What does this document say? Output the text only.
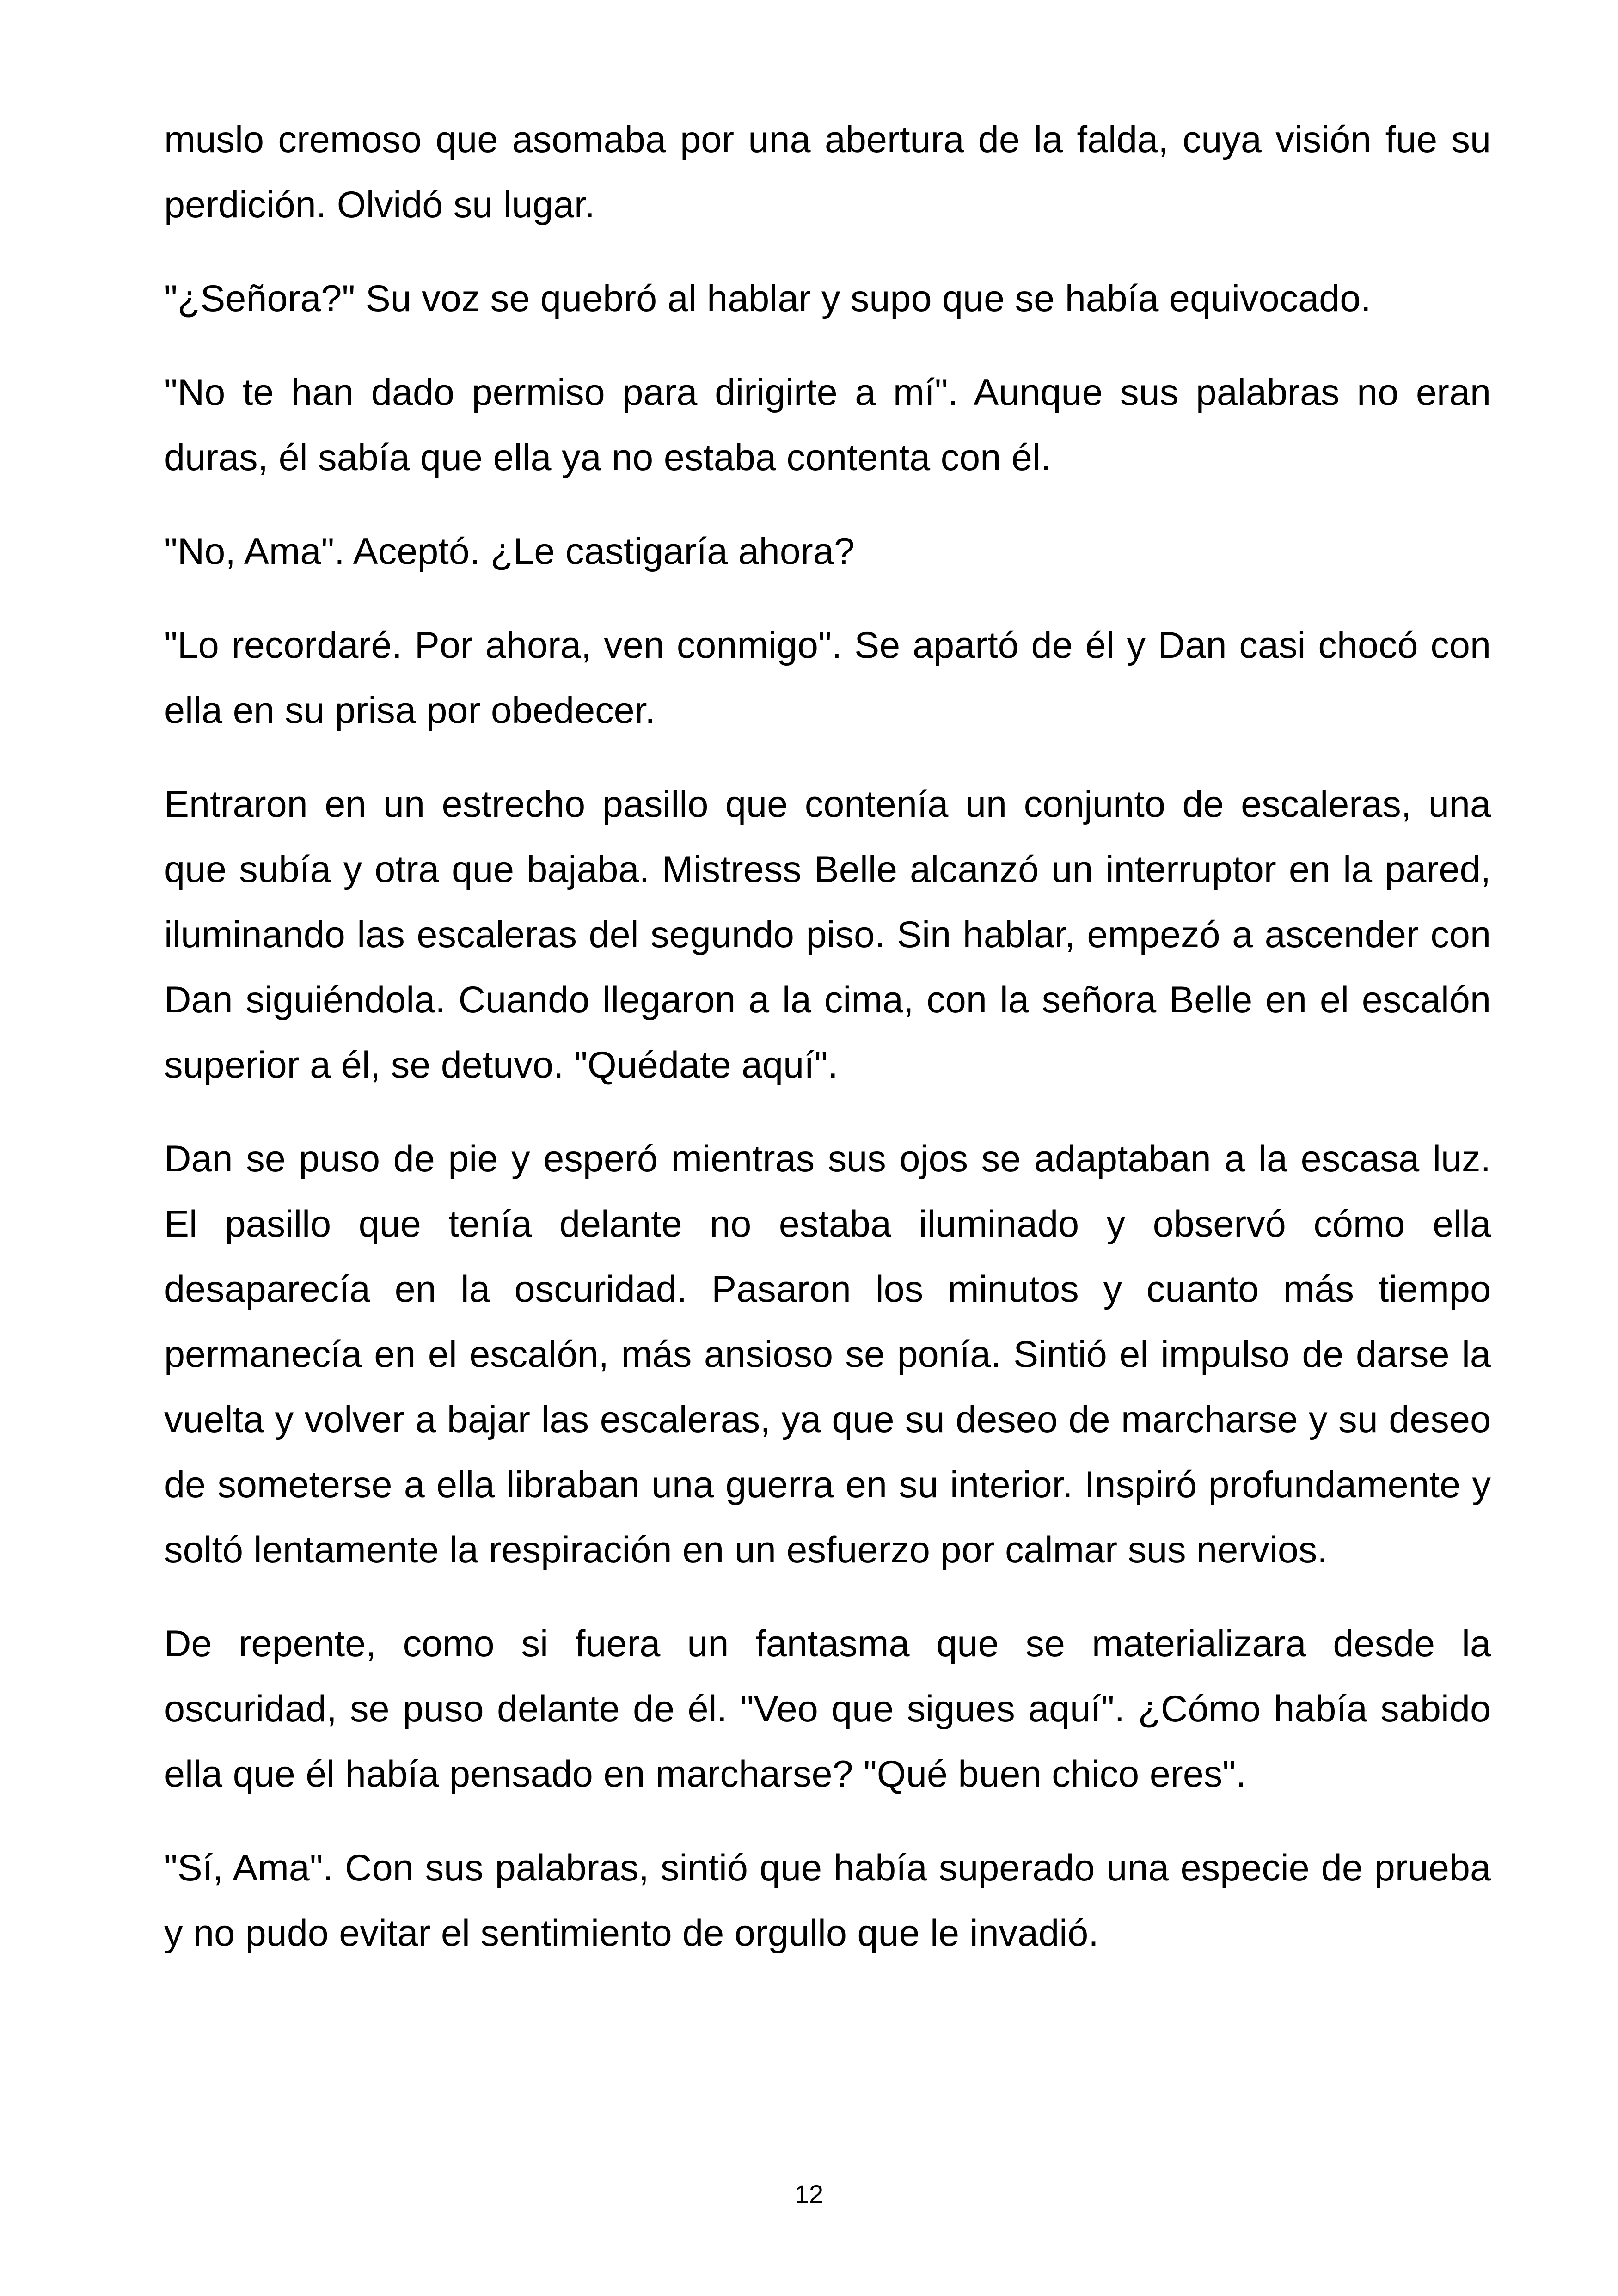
muslo cremoso que asomaba por una abertura de la falda, cuya visión fue su perdición. Olvidó su lugar.

"¿Señora?" Su voz se quebró al hablar y supo que se había equivocado.

"No te han dado permiso para dirigirte a mí". Aunque sus palabras no eran duras, él sabía que ella ya no estaba contenta con él.

"No, Ama". Aceptó. ¿Le castigaría ahora?

"Lo recordaré. Por ahora, ven conmigo". Se apartó de él y Dan casi chocó con ella en su prisa por obedecer.

Entraron en un estrecho pasillo que contenía un conjunto de escaleras, una que subía y otra que bajaba. Mistress Belle alcanzó un interruptor en la pared, iluminando las escaleras del segundo piso. Sin hablar, empezó a ascender con Dan siguiéndola. Cuando llegaron a la cima, con la señora Belle en el escalón superior a él, se detuvo. "Quédate aquí".

Dan se puso de pie y esperó mientras sus ojos se adaptaban a la escasa luz. El pasillo que tenía delante no estaba iluminado y observó cómo ella desaparecía en la oscuridad. Pasaron los minutos y cuanto más tiempo permanecía en el escalón, más ansioso se ponía. Sintió el impulso de darse la vuelta y volver a bajar las escaleras, ya que su deseo de marcharse y su deseo de someterse a ella libraban una guerra en su interior. Inspiró profundamente y soltó lentamente la respiración en un esfuerzo por calmar sus nervios.

De repente, como si fuera un fantasma que se materializara desde la oscuridad, se puso delante de él. "Veo que sigues aquí". ¿Cómo había sabido ella que él había pensado en marcharse? "Qué buen chico eres".

"Sí, Ama". Con sus palabras, sintió que había superado una especie de prueba y no pudo evitar el sentimiento de orgullo que le invadió.

12
